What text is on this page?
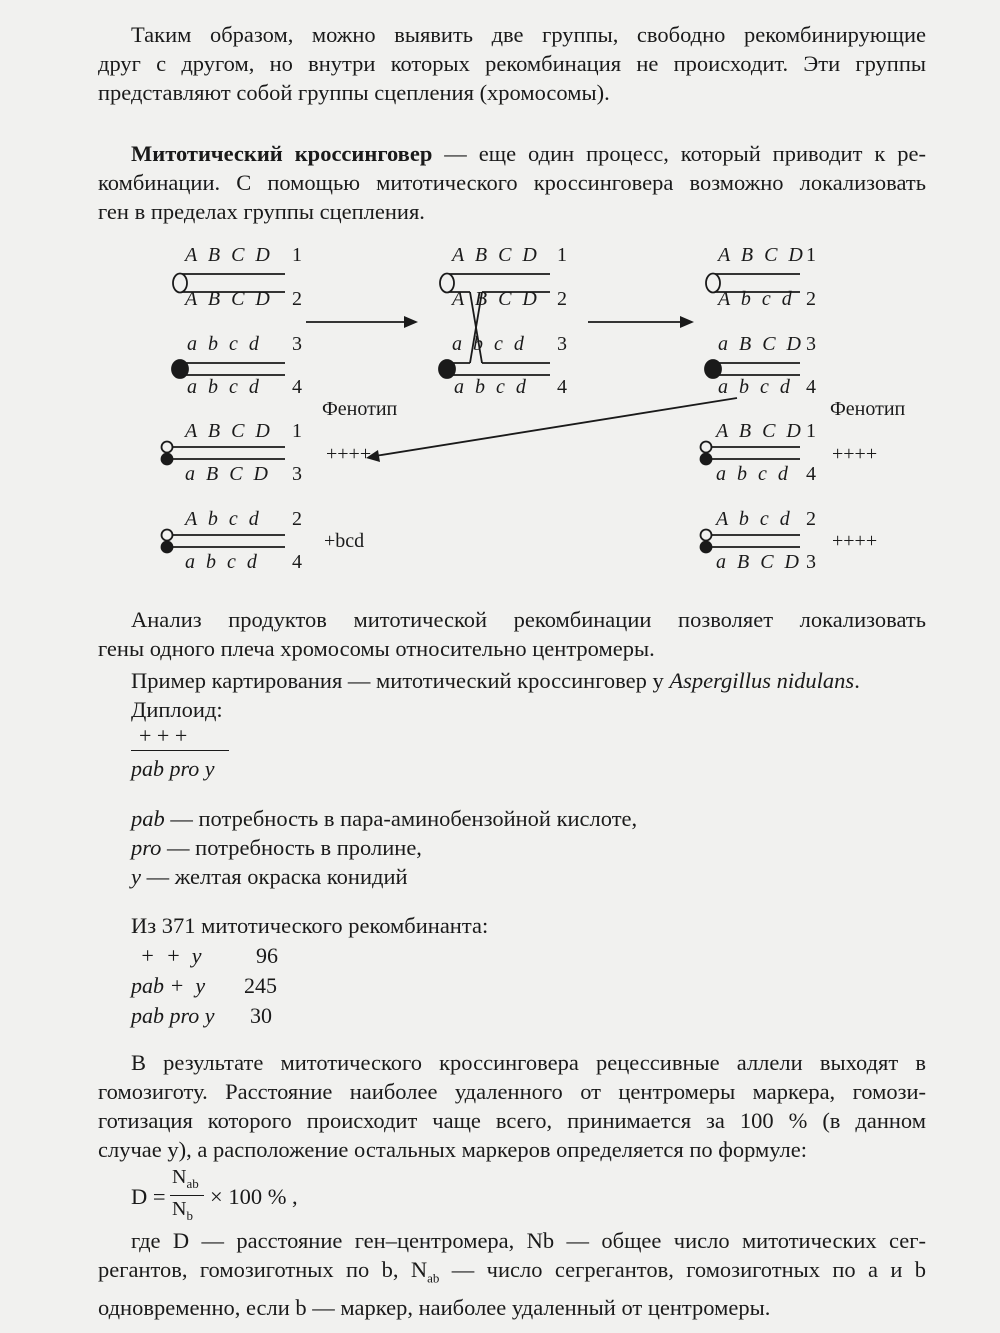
Таким образом, можно выявить две группы, свободно рекомбинирующие
друг с другом, но внутри которых рекомбинация не происходит. Эти группы
представляют собой группы сцепления (хромосомы).
Митотический кроссинговер — еще один процесс, который приводит к ре-
комбинации. С помощью митотического кроссинговера возможно локализовать
ген в пределах группы сцепления.
A B C D 1
A B C D 2
a b c d 3
a b c d 4
A B C D 1
A B C D 2
a b c d 3
a b c d 4
A B C D 1
A b c d 2
a B C D 3
a b c d 4
Фенотип	Фенотип
A B C D 1
a B C D 3
++++
A b c d 2
a b c d 4
+bcd
A B C D 1
a b c d 4
++++
A b c d 2
a B C D 3
++++
Анализ продуктов митотической рекомбинации позволяет локализовать
гены одного плеча хромосомы относительно центромеры.
Пример картирования — митотический кроссинговер у Aspergillus nidulans.
Диплоид:
+ + +
pab pro y
pab — потребность в пара-аминобензойной кислоте,
pro — потребность в пролине,
y — желтая окраска конидий
Из 371 митотического рекомбинанта:
+  +  y 96
pab +  y 245
pab pro y 30
В результате митотического кроссинговера рецессивные аллели выходят в
гомозиготу. Расстояние наиболее удаленного от центромеры маркера, гомози-
готизация которого происходит чаще всего, принимается за 100 % (в данном
случае y), а расположение остальных маркеров определяется по формуле:
D =
$N_{ab}$
$N_b$
× 100 % ,
где D — расстояние ген–центромера, Nb — общее число митотических сег-
регантов, гомозиготных по b, $N_{ab}$ — число сегрегантов, гомозиготных по a и b
одновременно, если b — маркер, наиболее удаленный от центромеры.
